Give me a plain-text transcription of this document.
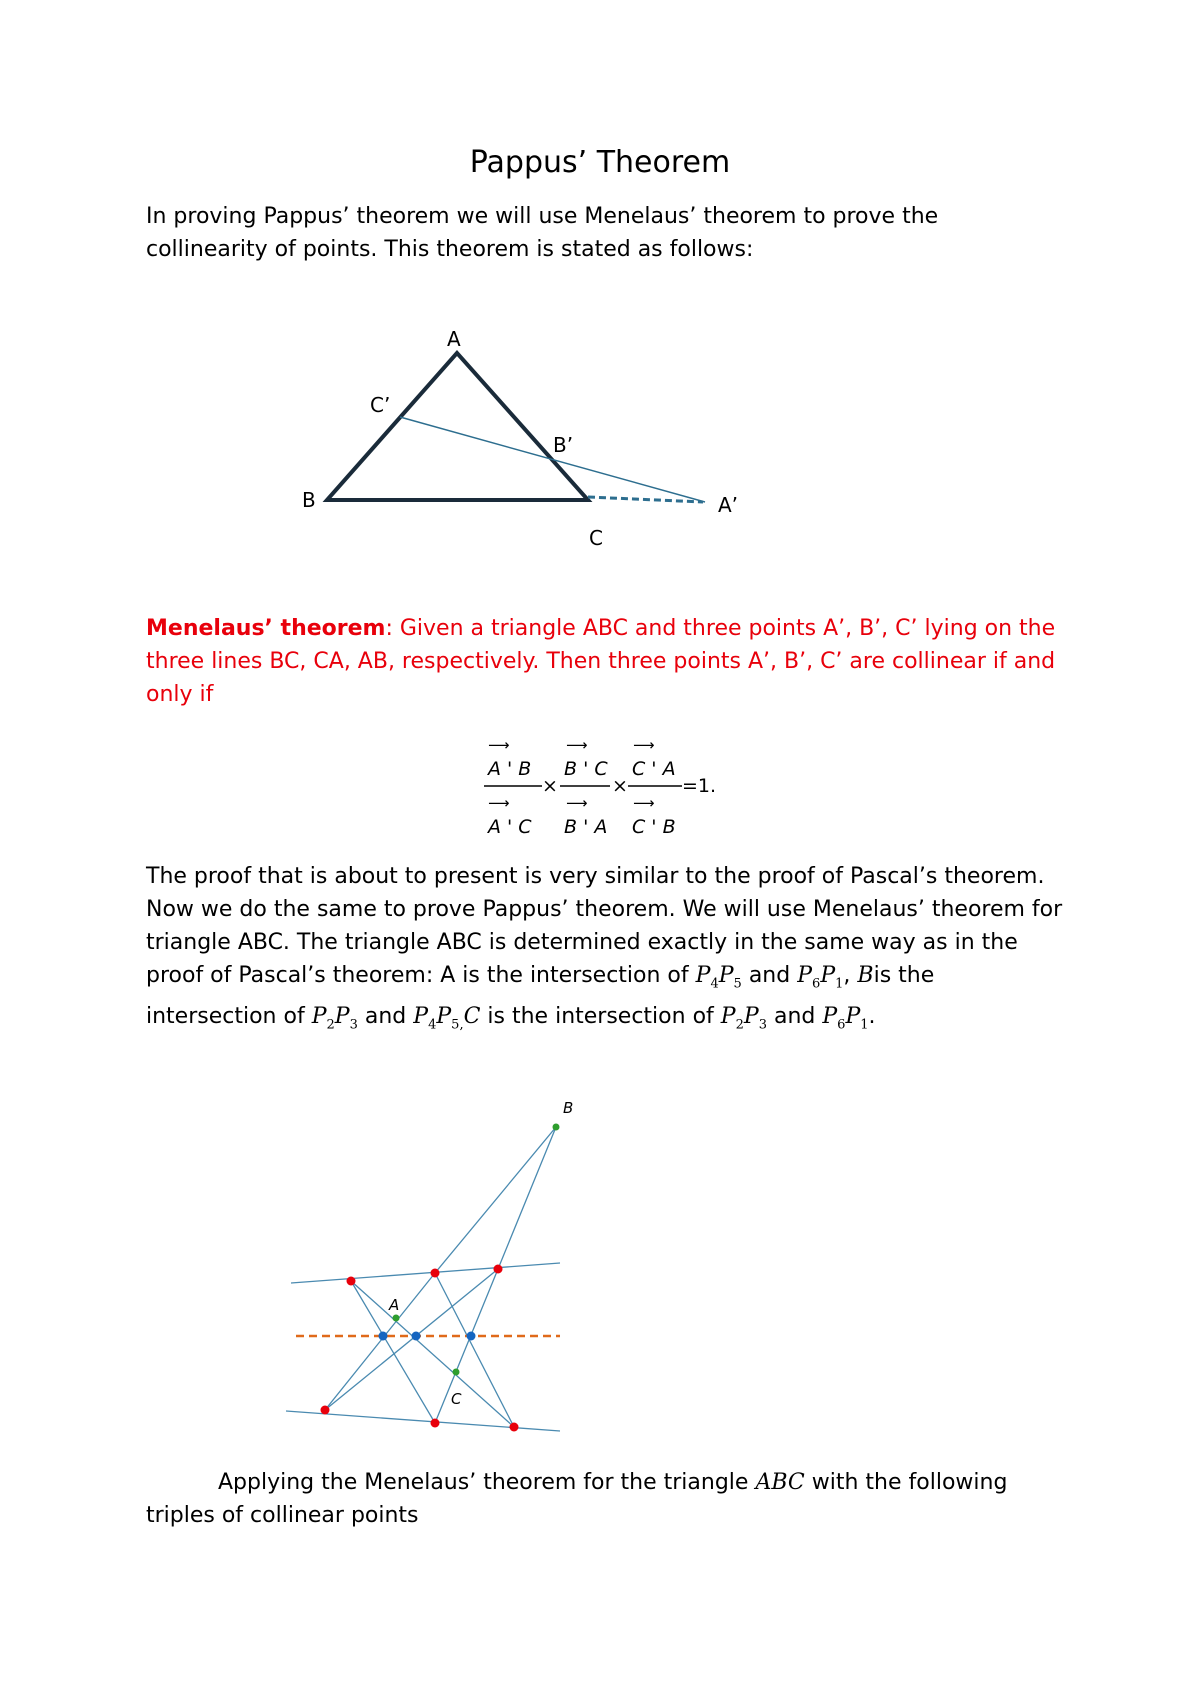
Pappus’ Theorem

In proving Pappus’ theorem we will use Menelaus’ theorem to prove the collinearity of points. This theorem is stated as follows:

A
B
C
A’
B’
C’

Menelaus’ theorem: Given a triangle ABC and three points A’, B’, C’ lying on the three lines BC, CA, AB, respectively. Then three points A’, B’, C’ are collinear if and only if

⟶
A ' B
⟶
A ' C
×
⟶
B ' C
⟶
B ' A
×
⟶
C ' A
⟶
C ' B
=1.

The proof that is about to present is very similar to the proof of Pascal’s theorem. Now we do the same to prove Pappus’ theorem. We will use Menelaus’ theorem for triangle ABC. The triangle ABC is determined exactly in the same way as in the proof of Pascal’s theorem: A is the intersection of $P_4P_5$ and $P_6P_1$, Bis the intersection of $P_2P_3$ and $P_4P_{5,}C$ is the intersection of $P_2P_3$ and $P_6P_1$.

B
A
C

Applying the Menelaus’ theorem for the triangle ABC with the following triples of collinear points
